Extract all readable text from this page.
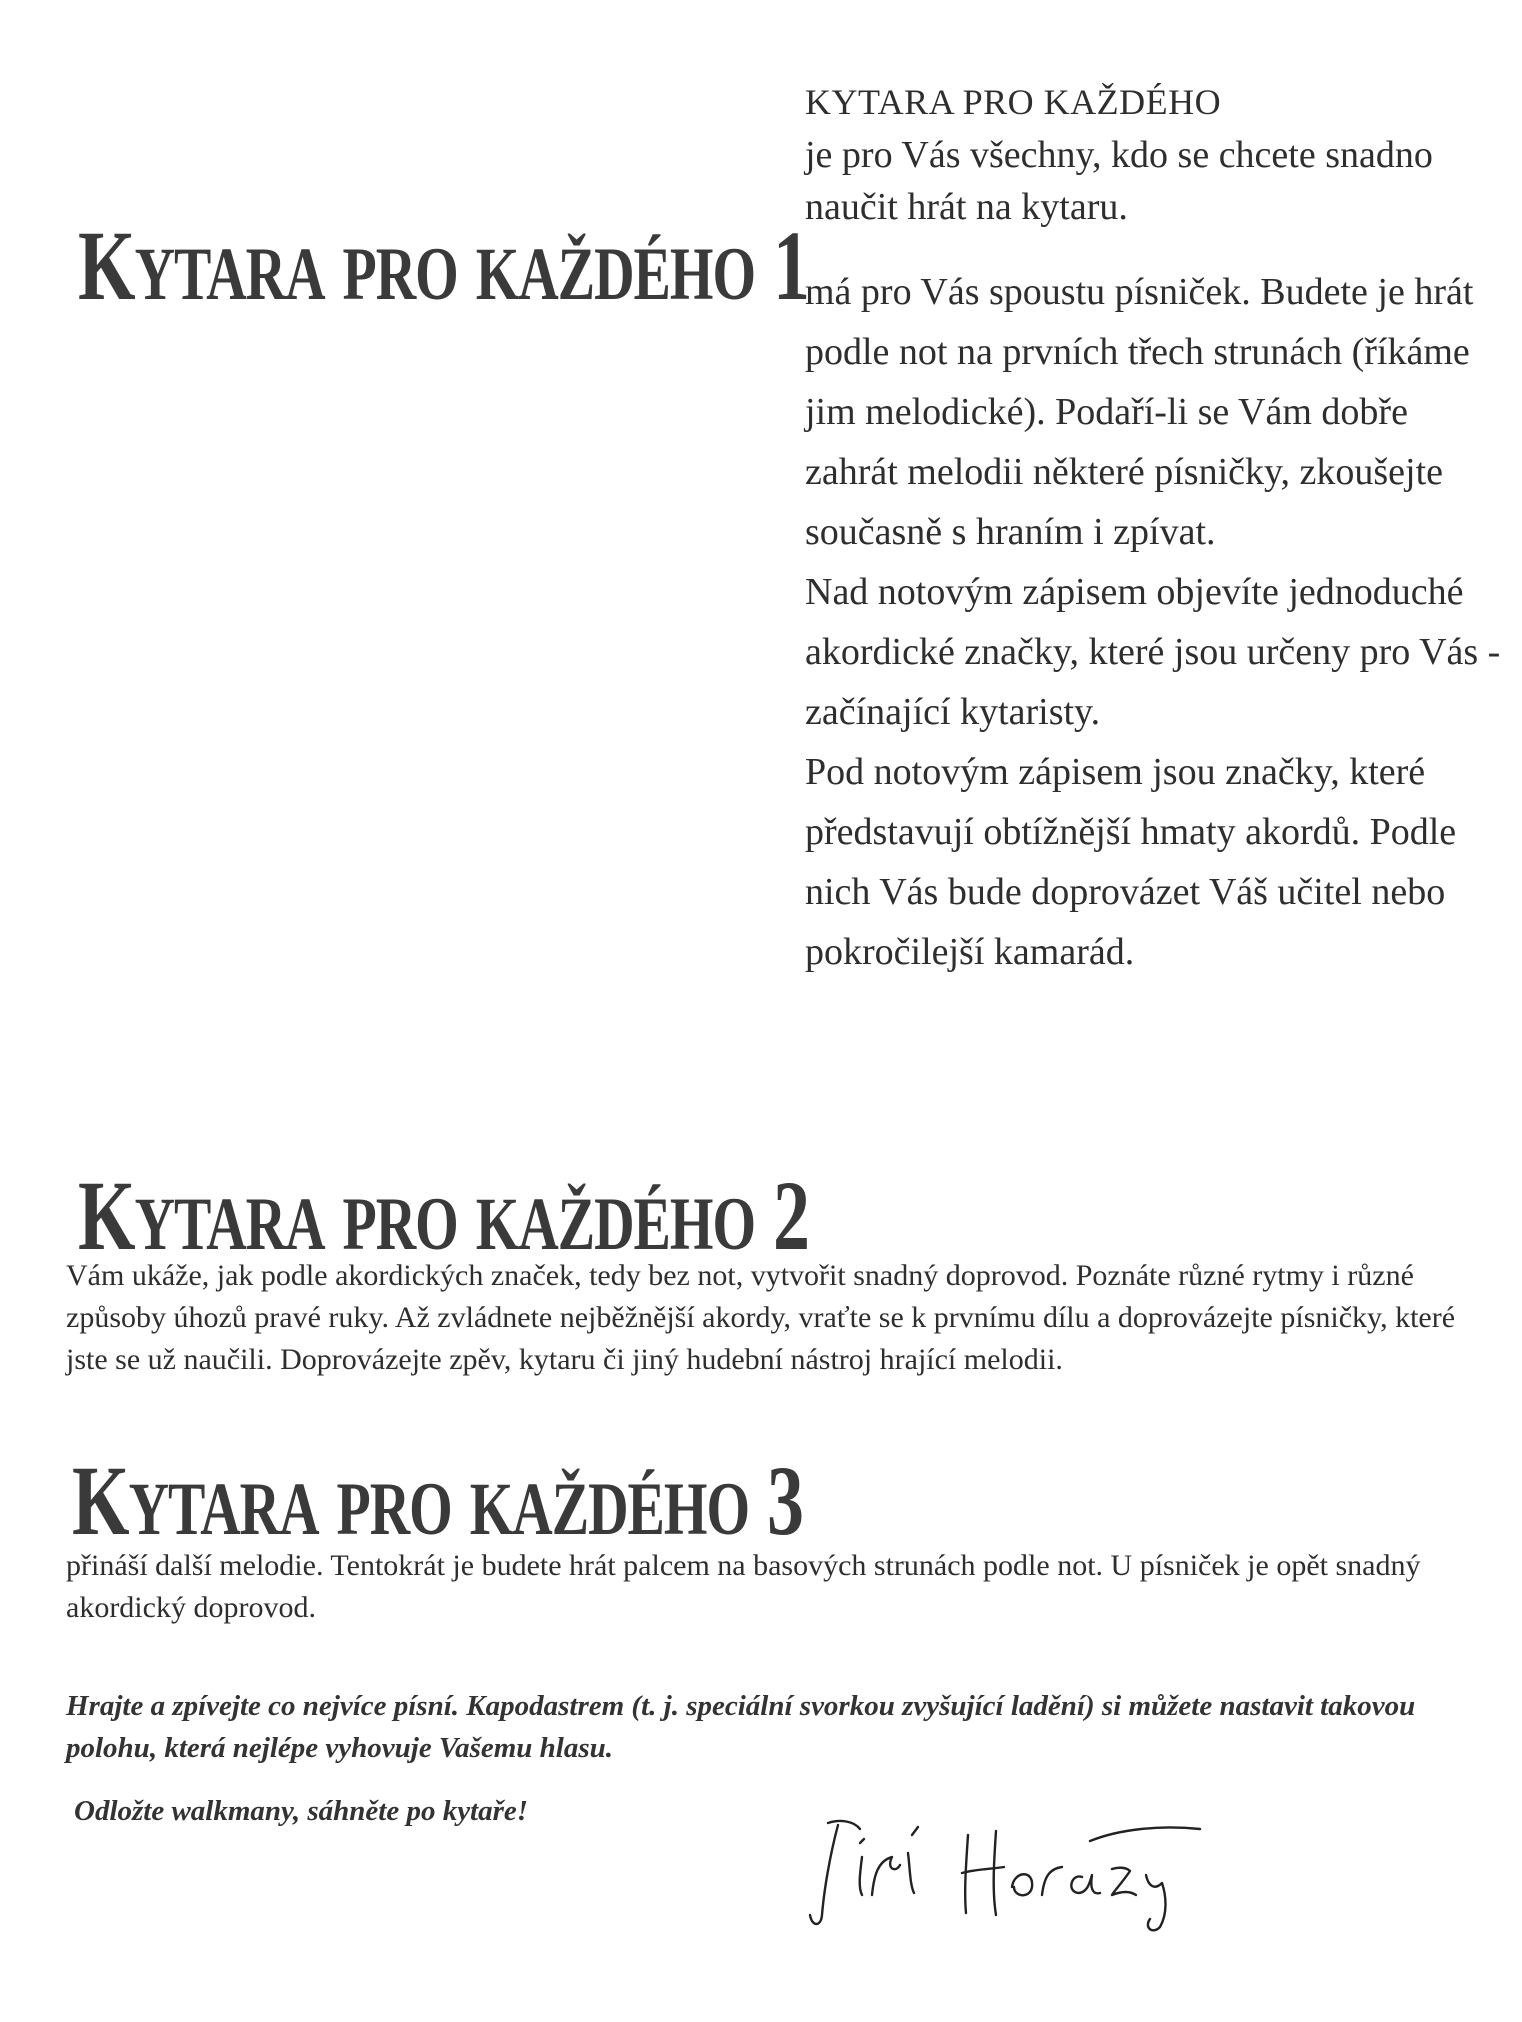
KYTARA PRO KAŽDÉHO 1

KYTARA PRO KAŽDÉHO

je pro Vás všechny, kdo se chcete snadno naučit hrát na kytaru.

má pro Vás spoustu písniček. Budete je hrát podle not na prvních třech strunách (říkáme jim melodické). Podaří-li se Vám dobře zahrát melodii některé písničky, zkoušejte současně s hraním i zpívat.

Nad notovým zápisem objevíte jednoduché akordické značky, které jsou určeny pro Vás - začínající kytaristy.

Pod notovým zápisem jsou značky, které představují obtížnější hmaty akordů. Podle nich Vás bude doprovázet Váš učitel nebo pokročilejší kamarád.

KYTARA PRO KAŽDÉHO 2

Vám ukáže, jak podle akordických značek, tedy bez not, vytvořit snadný doprovod. Poznáte různé rytmy i různé způsoby úhozů pravé ruky. Až zvládnete nejběžnější akordy, vraťte se k prvnímu dílu a doprovázejte písničky, které jste se už naučili. Doprovázejte zpěv, kytaru či jiný hudební nástroj hrající melodii.

KYTARA PRO KAŽDÉHO 3

přináší další melodie. Tentokrát je budete hrát palcem na basových strunách podle not. U písniček je opět snadný akordický doprovod.

Hrajte a zpívejte co nejvíce písní. Kapodastrem (t. j. speciální svorkou zvyšující ladění) si můžete nastavit takovou polohu, která nejlépe vyhovuje Vašemu hlasu.

Odložte walkmany, sáhněte po kytaře!
